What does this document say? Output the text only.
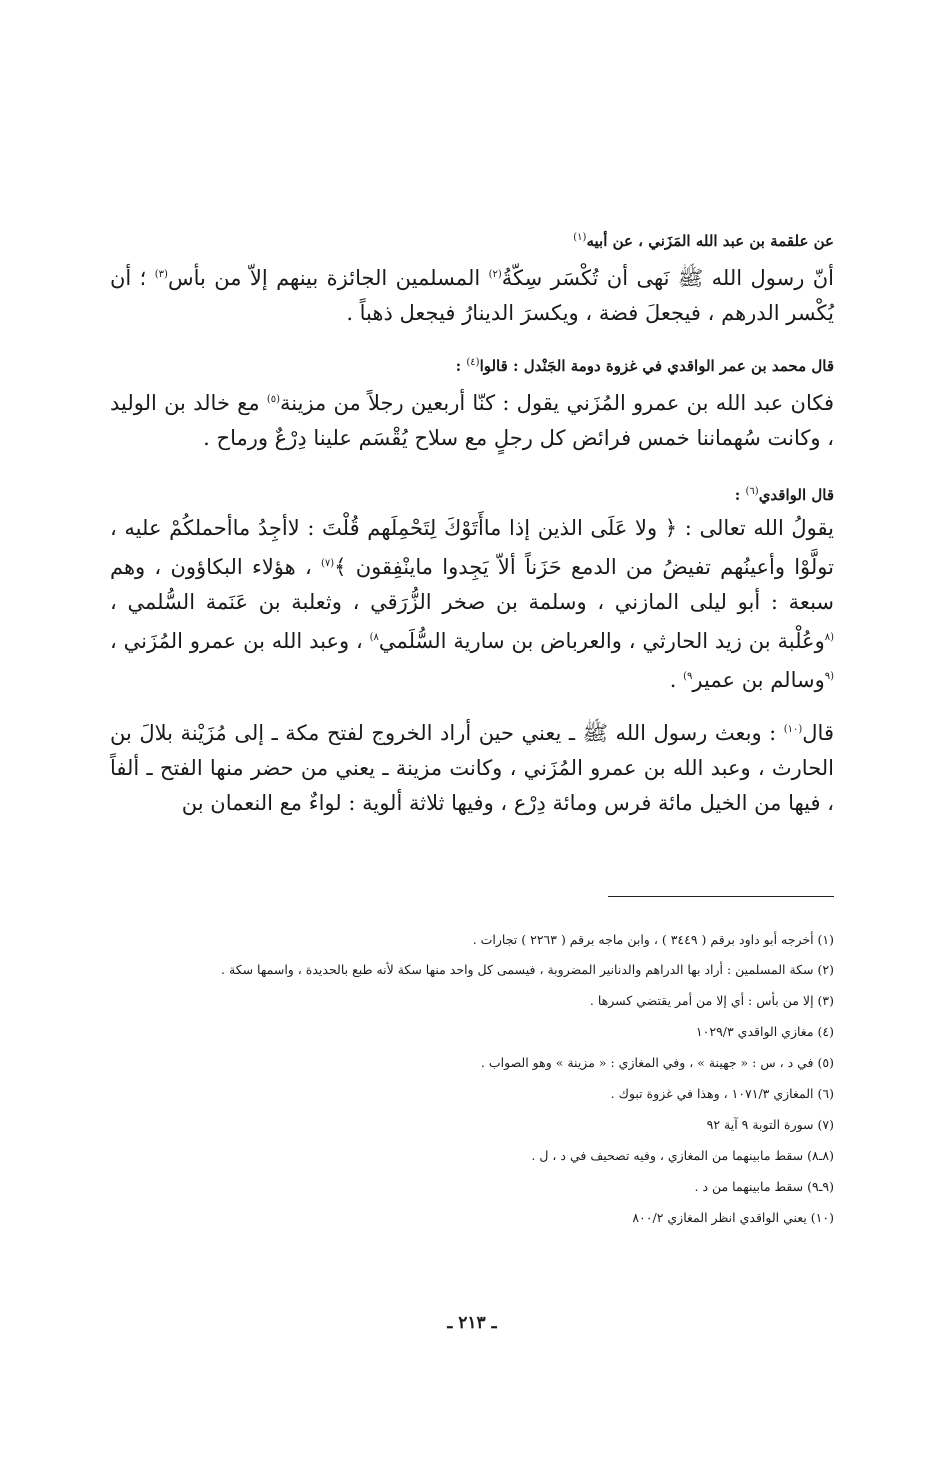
عن علقمة بن عبد الله المَزَني ، عن أبيه$^{(١)}$

أنّ رسول الله ﷺ نَهى أن تُكْسَر سِكّةُ$^{(٢)}$ المسلمين الجائزة بينهم إلاّ من بأس$^{(٣)}$ ؛ أن يُكْسر الدرهم ، فيجعلَ فضة ، ويكسرَ الدينارُ فيجعل ذهباً .

قال محمد بن عمر الواقدي في غزوة دومة الجَنْدل : قالوا$^{(٤)}$ :

فكان عبد الله بن عمرو المُزَني يقول : كنّا أربعين رجلاً من مزينة$^{(٥)}$ مع خالد بن الوليد ، وكانت سُهماننا خمس فرائض كل رجلٍ مع سلاح يُقْسَم علينا دِرْعٌ ورماح .

قال الواقدي$^{(٦)}$ :

يقولُ الله تعالى : ﴿ ولا عَلَى الذين إذا ماأَتَوْكَ لِتَحْمِلَهم قُلْتَ : لاأجِدُ ماأحملكُمْ عليه ، تولَّوْا وأعينُهم تفيضُ من الدمع حَزَناً ألاّ يَجِدوا ماينْفِقون ﴾$^{(٧)}$ ، هؤلاء البكاؤون ، وهم سبعة : أبو ليلى المازني ، وسلمة بن صخر الزُّرَقي ، وثعلبة بن عَنَمة السُّلمي ، $^{(٨}$وعُلْبة بن زيد الحارثي ، والعرباض بن سارية السُّلَمي$^{٨)}$ ، وعبد الله بن عمرو المُزَني ، $^{(٩}$وسالم بن عمير$^{٩)}$ .

قال$^{(١٠)}$ : وبعث رسول الله ﷺ ـ يعني حين أراد الخروج لفتح مكة ـ إلى مُزَيْنة بلالَ بن الحارث ، وعبد الله بن عمرو المُزَني ، وكانت مزينة ـ يعني من حضر منها الفتح ـ ألفاً ، فيها من الخيل مائة فرس ومائة دِرْع ، وفيها ثلاثة ألوية : لواءٌ مع النعمان بن

(١) أخرجه أبو داود برقم ( ٣٤٤٩ ) ، وابن ماجه برقم ( ٢٢٦٣ ) تجارات .

(٢) سكة المسلمين : أراد بها الدراهم والدنانير المضروبة ، فيسمى كل واحد منها سكة لأنه طبع بالحديدة ، واسمها سكة .

(٣) إلا من بأس : أي إلا من أمر يقتضي كسرها .

(٤) مغازي الواقدي ١٠٢٩/٣

(٥) في د ، س : « جهينة » ، وفي المغازي : « مزينة » وهو الصواب .

(٦) المغازي ١٠٧١/٣ ، وهذا في غزوة تبوك .

(٧) سورة التوبة ٩ آية ٩٢

(٨ـ٨) سقط مابينهما من المغازي ، وفيه تصحيف في د ، ل .

(٩ـ٩) سقط مابينهما من د .

(١٠) يعني الواقدي انظر المغازي ٨٠٠/٢

ـ ٢١٣ ـ
